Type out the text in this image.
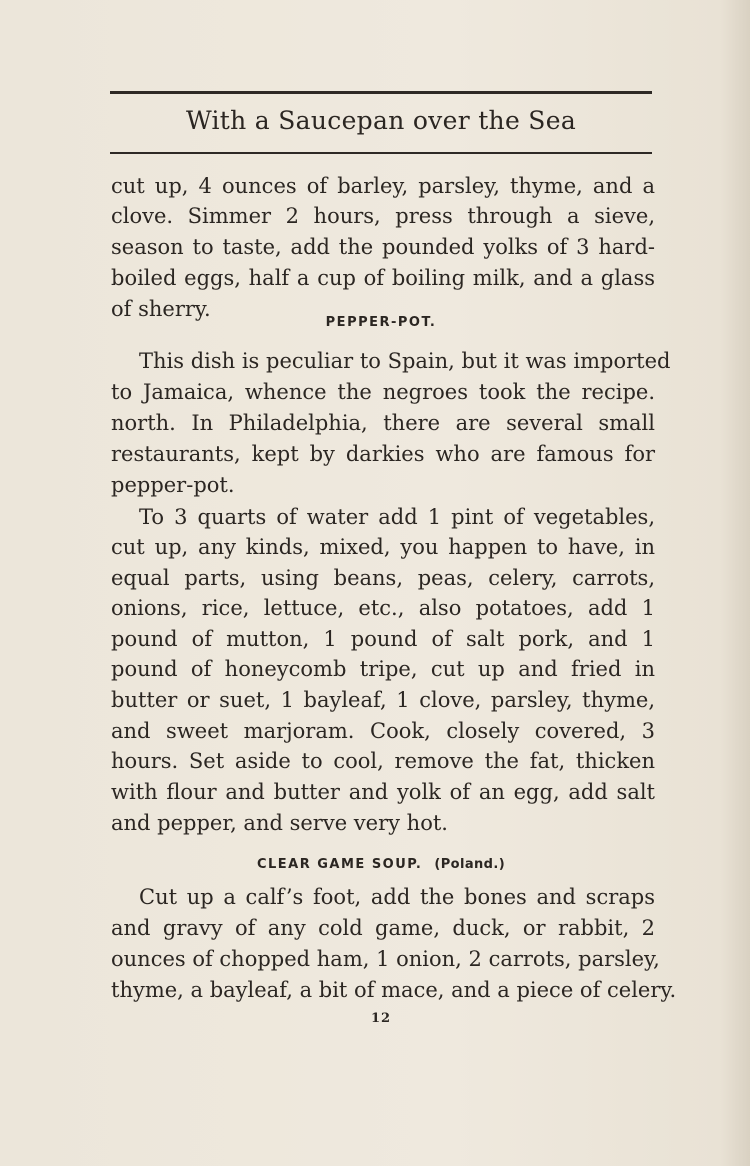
With a Saucepan over the Sea
cut up, 4 ounces of barley, parsley, thyme, and a
clove. Simmer 2 hours, press through a sieve,
season to taste, add the pounded yolks of 3 hard-
boiled eggs, half a cup of boiling milk, and a glass
of sherry.
PEPPER-POT.
This dish is peculiar to Spain, but it was imported
to Jamaica, whence the negroes took the recipe.
north. In Philadelphia, there are several small
restaurants, kept by darkies who are famous for
pepper-pot.
To 3 quarts of water add 1 pint of vegetables,
cut up, any kinds, mixed, you happen to have, in
equal parts, using beans, peas, celery, carrots,
onions, rice, lettuce, etc., also potatoes, add 1
pound of mutton, 1 pound of salt pork, and 1
pound of honeycomb tripe, cut up and fried in
butter or suet, 1 bayleaf, 1 clove, parsley, thyme,
and sweet marjoram. Cook, closely covered, 3
hours. Set aside to cool, remove the fat, thicken
with flour and butter and yolk of an egg, add salt
and pepper, and serve very hot.
CLEAR GAME SOUP. (Poland.)
Cut up a calf’s foot, add the bones and scraps
and gravy of any cold game, duck, or rabbit, 2
ounces of chopped ham, 1 onion, 2 carrots, parsley,
thyme, a bayleaf, a bit of mace, and a piece of celery.
12
